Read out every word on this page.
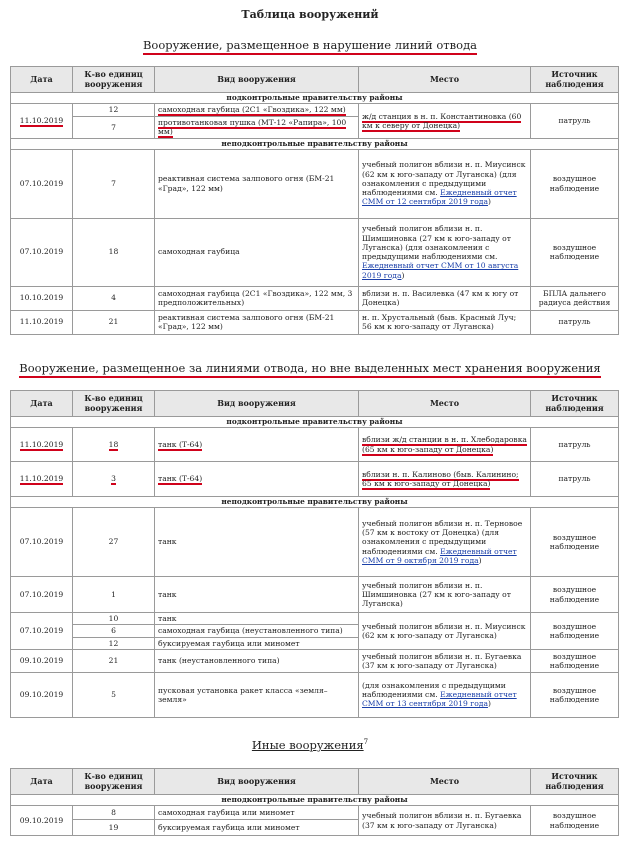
Таблица вооружений
Вооружение, размещенное в нарушение линий отвода
Дата	К-во единиц вооружения	Вид вооружения	Место	Источник наблюдения
подконтрольные правительству районы				
11.10.2019	12	самоходная гаубица (2С1 «Гвоздика», 122 мм)	ж/д станция в н. п. Константиновка (60 км к северу от Донецка)	патруль
	7	противотанковая пушка (МТ-12 «Рапира», 100 мм)		
неподконтрольные правительству районы				
07.10.2019	7	реактивная система залпового огня (БМ-21 «Град», 122 мм)	учебный полигон вблизи н. п. Миусинск (62 км к юго-западу от Луганска) (для ознакомления с предыдущими наблюдениями см. Ежедневный отчет СММ от 12 сентября 2019 года)	воздушное наблюдение
07.10.2019	18	самоходная гаубица	учебный полигон вблизи н. п. Шимшиновка (27 км к юго-западу от Луганска) (для ознакомления с предыдущими наблюдениями см. Ежедневный отчет СММ от 10 августа 2019 года)	воздушное наблюдение
10.10.2019	4	самоходная гаубица (2С1 «Гвоздика», 122 мм, 3 предположительных)	вблизи н. п. Василевка (47 км к югу от Донецка)	БПЛА дальнего радиуса действия
11.10.2019	21	реактивная система залпового огня (БМ-21 «Град», 122 мм)	н. п. Хрустальный (быв. Красный Луч; 56 км к юго-западу от Луганска)	патруль
Вооружение, размещенное за линиями отвода, но вне выделенных мест хранения вооружения
Дата	К-во единиц вооружения	Вид вооружения	Место	Источник наблюдения
подконтрольные правительству районы				
11.10.2019	18	танк (Т-64)	вблизи ж/д станции в н. п. Хлебодаровка (65 км к юго-западу от Донецка)	патруль
11.10.2019	3	танк (Т-64)	вблизи н. п. Калиново (быв. Калинино; 65 км к юго-западу от Донецка)	патруль
неподконтрольные правительству районы				
07.10.2019	27	танк	учебный полигон вблизи н. п. Терновое (57 км к востоку от Донецка) (для ознакомления с предыдущими наблюдениями см. Ежедневный отчет СММ от 9 октября 2019 года)	воздушное наблюдение
07.10.2019	1	танк	учебный полигон вблизи н. п. Шимшиновка (27 км к юго-западу от Луганска)	воздушное наблюдение
07.10.2019	10	танк	учебный полигон вблизи н. п. Миусинск (62 км к юго-западу от Луганска)	воздушное наблюдение
	6	самоходная гаубица (неустановленного типа)		
	12	буксируемая гаубица или миномет		
09.10.2019	21	танк (неустановленного типа)	учебный полигон вблизи н. п. Бугаевка (37 км к юго-западу от Луганска)	воздушное наблюдение
09.10.2019	5	пусковая установка ракет класса «земля–земля»	(для ознакомления с предыдущими наблюдениями см. Ежедневный отчет СММ от 13 сентября 2019 года)	воздушное наблюдение
Иные вооружения$^7$
Дата	К-во единиц вооружения	Вид вооружения	Место	Источник наблюдения
неподконтрольные правительству районы				
09.10.2019	8	самоходная гаубица или миномет	учебный полигон вблизи н. п. Бугаевка (37 км к юго-западу от Луганска)	воздушное наблюдение
	19	буксируемая гаубица или миномет		
